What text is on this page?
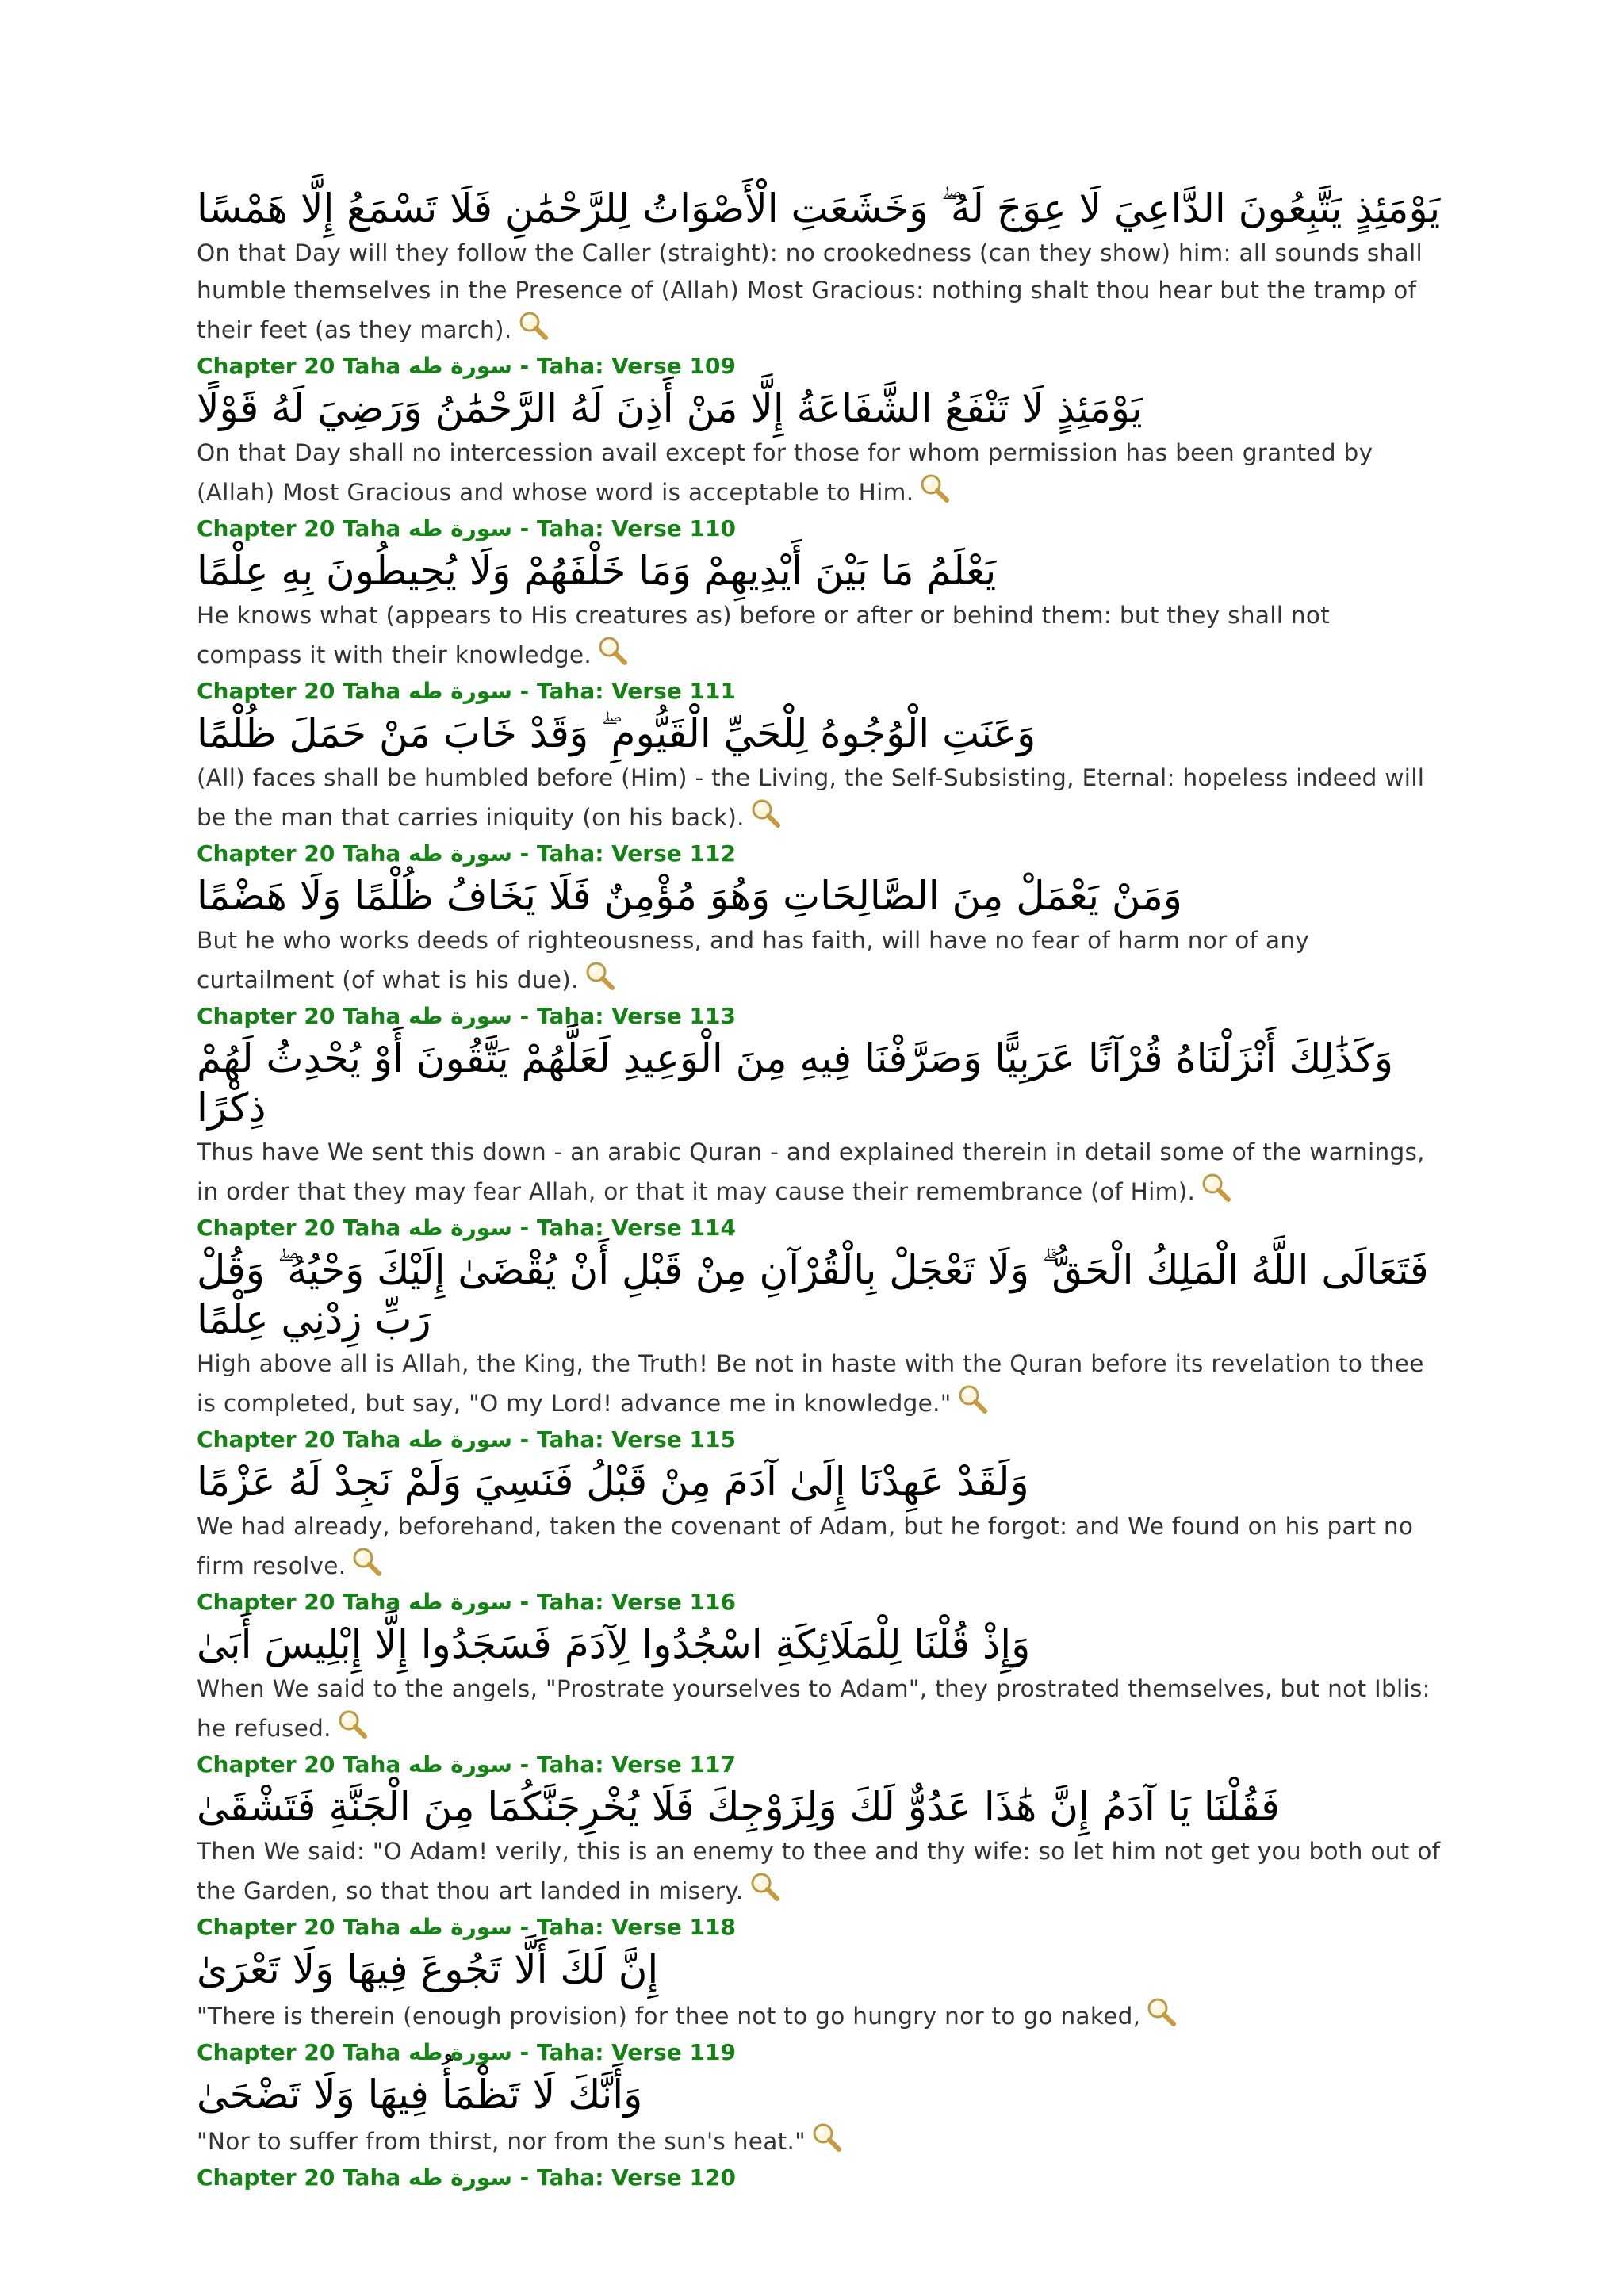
يَوْمَئِذٍ يَتَّبِعُونَ الدَّاعِيَ لَا عِوَجَ لَهُ ۖ وَخَشَعَتِ الْأَصْوَاتُ لِلرَّحْمَٰنِ فَلَا تَسْمَعُ إِلَّا هَمْسًا

On that Day will they follow the Caller (straight): no crookedness (can they show) him: all sounds shall humble themselves in the Presence of (Allah) Most Gracious: nothing shalt thou hear but the tramp of their feet (as they march).

Chapter 20 Taha سورة طه - Taha: Verse 109

يَوْمَئِذٍ لَا تَنْفَعُ الشَّفَاعَةُ إِلَّا مَنْ أَذِنَ لَهُ الرَّحْمَٰنُ وَرَضِيَ لَهُ قَوْلًا

On that Day shall no intercession avail except for those for whom permission has been granted by (Allah) Most Gracious and whose word is acceptable to Him.

Chapter 20 Taha سورة طه - Taha: Verse 110

يَعْلَمُ مَا بَيْنَ أَيْدِيهِمْ وَمَا خَلْفَهُمْ وَلَا يُحِيطُونَ بِهِ عِلْمًا

He knows what (appears to His creatures as) before or after or behind them: but they shall not compass it with their knowledge.

Chapter 20 Taha سورة طه - Taha: Verse 111

وَعَنَتِ الْوُجُوهُ لِلْحَيِّ الْقَيُّومِ ۖ وَقَدْ خَابَ مَنْ حَمَلَ ظُلْمًا

(All) faces shall be humbled before (Him) - the Living, the Self-Subsisting, Eternal: hopeless indeed will be the man that carries iniquity (on his back).

Chapter 20 Taha سورة طه - Taha: Verse 112

وَمَنْ يَعْمَلْ مِنَ الصَّالِحَاتِ وَهُوَ مُؤْمِنٌ فَلَا يَخَافُ ظُلْمًا وَلَا هَضْمًا

But he who works deeds of righteousness, and has faith, will have no fear of harm nor of any curtailment (of what is his due).

Chapter 20 Taha سورة طه - Taha: Verse 113

وَكَذَٰلِكَ أَنْزَلْنَاهُ قُرْآنًا عَرَبِيًّا وَصَرَّفْنَا فِيهِ مِنَ الْوَعِيدِ لَعَلَّهُمْ يَتَّقُونَ أَوْ يُحْدِثُ لَهُمْ ذِكْرًا

Thus have We sent this down - an arabic Quran - and explained therein in detail some of the warnings, in order that they may fear Allah, or that it may cause their remembrance (of Him).

Chapter 20 Taha سورة طه - Taha: Verse 114

فَتَعَالَى اللَّهُ الْمَلِكُ الْحَقُّ ۗ وَلَا تَعْجَلْ بِالْقُرْآنِ مِنْ قَبْلِ أَنْ يُقْضَىٰ إِلَيْكَ وَحْيُهُ ۖ وَقُلْ رَبِّ زِدْنِي عِلْمًا

High above all is Allah, the King, the Truth! Be not in haste with the Quran before its revelation to thee is completed, but say, "O my Lord! advance me in knowledge."

Chapter 20 Taha سورة طه - Taha: Verse 115

وَلَقَدْ عَهِدْنَا إِلَىٰ آدَمَ مِنْ قَبْلُ فَنَسِيَ وَلَمْ نَجِدْ لَهُ عَزْمًا

We had already, beforehand, taken the covenant of Adam, but he forgot: and We found on his part no firm resolve.

Chapter 20 Taha سورة طه - Taha: Verse 116

وَإِذْ قُلْنَا لِلْمَلَائِكَةِ اسْجُدُوا لِآدَمَ فَسَجَدُوا إِلَّا إِبْلِيسَ أَبَىٰ

When We said to the angels, "Prostrate yourselves to Adam", they prostrated themselves, but not Iblis: he refused.

Chapter 20 Taha سورة طه - Taha: Verse 117

فَقُلْنَا يَا آدَمُ إِنَّ هَٰذَا عَدُوٌّ لَكَ وَلِزَوْجِكَ فَلَا يُخْرِجَنَّكُمَا مِنَ الْجَنَّةِ فَتَشْقَىٰ

Then We said: "O Adam! verily, this is an enemy to thee and thy wife: so let him not get you both out of the Garden, so that thou art landed in misery.

Chapter 20 Taha سورة طه - Taha: Verse 118

إِنَّ لَكَ أَلَّا تَجُوعَ فِيهَا وَلَا تَعْرَىٰ

"There is therein (enough provision) for thee not to go hungry nor to go naked,

Chapter 20 Taha سورة طه - Taha: Verse 119

وَأَنَّكَ لَا تَظْمَأُ فِيهَا وَلَا تَضْحَىٰ

"Nor to suffer from thirst, nor from the sun's heat."

Chapter 20 Taha سورة طه - Taha: Verse 120
